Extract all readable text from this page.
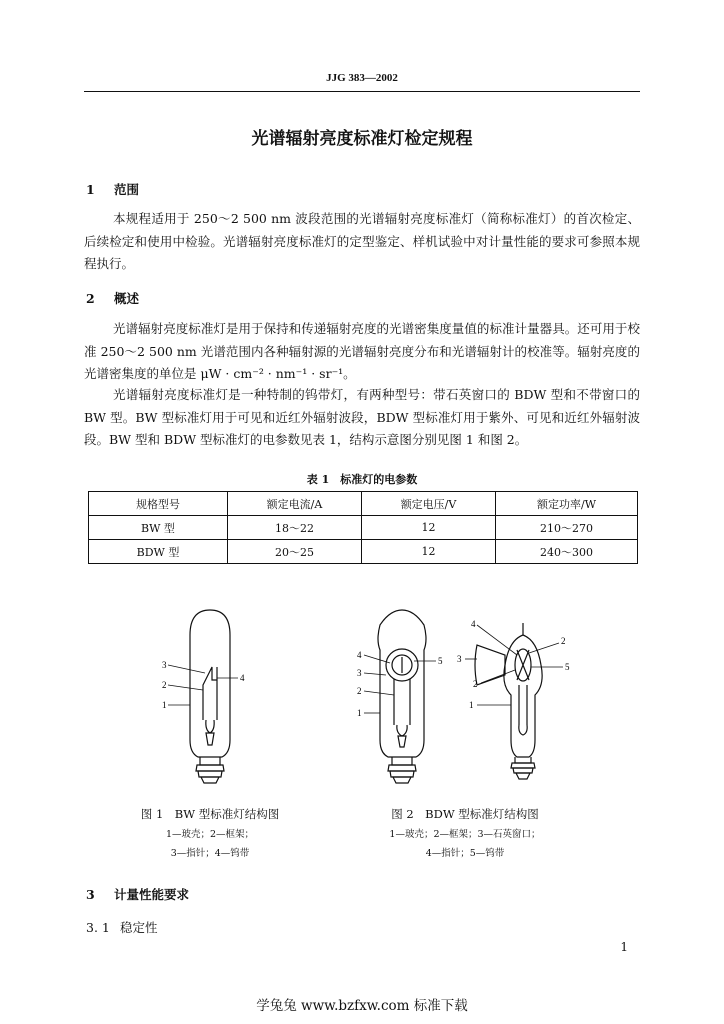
JJG 383—2002
光谱辐射亮度标准灯检定规程
1 范围
本规程适用于 250～2 500 nm 波段范围的光谱辐射亮度标准灯（简称标准灯）的首次检定、后续检定和使用中检验。光谱辐射亮度标准灯的定型鉴定、样机试验中对计量性能的要求可参照本规程执行。
2 概述
光谱辐射亮度标准灯是用于保持和传递辐射亮度的光谱密集度量值的标准计量器具。还可用于校准 250～2 500 nm 光谱范围内各种辐射源的光谱辐射亮度分布和光谱辐射计的校准等。辐射亮度的光谱密集度的单位是 μW · cm⁻² · nm⁻¹ · sr⁻¹。
光谱辐射亮度标准灯是一种特制的钨带灯，有两种型号：带石英窗口的 BDW 型和不带窗口的 BW 型。BW 型标准灯用于可见和近红外辐射波段，BDW 型标准灯用于紫外、可见和近红外辐射波段。BW 型和 BDW 型标准灯的电参数见表 1，结构示意图分别见图 1 和图 2。
表 1　标准灯的电参数
规格型号	额定电流/A	额定电压/V	额定功率/W
BW 型	18～22	12	210～270
BDW 型	20～25	12	240～300
3
2
1
4
4
3
2
1
5
4
3
2
1
2
5
图 1　BW 型标准灯结构图
1—玻壳；2—框架；
3—指针；4—钨带
图 2　BDW 型标准灯结构图
1—玻壳；2—框架；3—石英窗口；
4—指针；5—钨带
3 计量性能要求
3. 1 稳定性
1
学兔兔 www.bzfxw.com 标准下载
